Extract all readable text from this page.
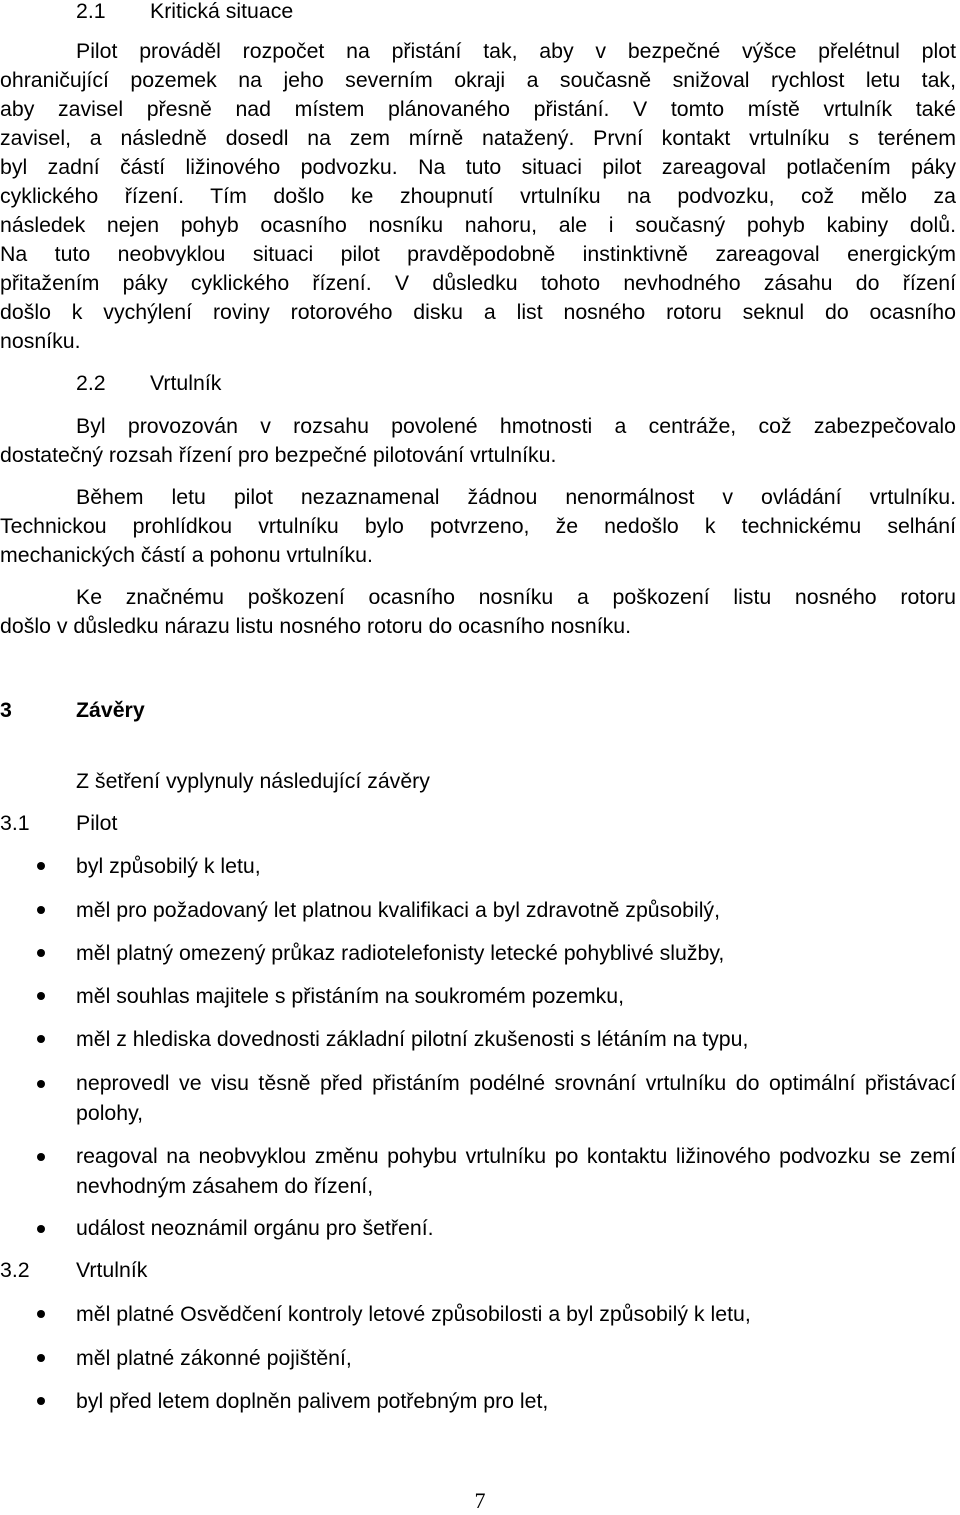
2.1 Kritická situace
Pilot prováděl rozpočet na přistání tak, aby v bezpečné výšce přelétnul plot
ohraničující pozemek na jeho severním okraji a současně snižoval rychlost letu tak,
aby zavisel přesně nad místem plánovaného přistání. V tomto místě vrtulník také
zavisel, a následně dosedl na zem mírně natažený. První kontakt vrtulníku s terénem
byl zadní částí ližinového podvozku. Na tuto situaci pilot zareagoval potlačením páky
cyklického řízení. Tím došlo ke zhoupnutí vrtulníku na podvozku, což mělo za
následek nejen pohyb ocasního nosníku nahoru, ale i současný pohyb kabiny dolů.
Na tuto neobvyklou situaci pilot pravděpodobně instinktivně zareagoval energickým
přitažením páky cyklického řízení. V důsledku tohoto nevhodného zásahu do řízení
došlo k vychýlení roviny rotorového disku a list nosného rotoru seknul do ocasního
nosníku.
2.2 Vrtulník
Byl provozován v rozsahu povolené hmotnosti a centráže, což zabezpečovalo
dostatečný rozsah řízení pro bezpečné pilotování vrtulníku.
Během letu pilot nezaznamenal žádnou nenormálnost v ovládání vrtulníku.
Technickou prohlídkou vrtulníku bylo potvrzeno, že nedošlo k technickému selhání
mechanických částí a pohonu vrtulníku.
Ke značnému poškození ocasního nosníku a poškození listu nosného rotoru
došlo v důsledku nárazu listu nosného rotoru do ocasního nosníku.
3	Závěry
Z šetření vyplynuly následující závěry
3.1 Pilot
byl způsobilý k letu,
měl pro požadovaný let platnou kvalifikaci a byl zdravotně způsobilý,
měl platný omezený průkaz radiotelefonisty letecké pohyblivé služby,
měl souhlas majitele s přistáním na soukromém pozemku,
měl z hlediska dovednosti základní pilotní zkušenosti s létáním na typu,
neprovedl ve visu těsně před přistáním podélné srovnání vrtulníku do optimální přistávací polohy,
reagoval na neobvyklou změnu pohybu vrtulníku po kontaktu ližinového podvozku se zemí nevhodným zásahem do řízení,
událost neoznámil orgánu pro šetření.
3.2 Vrtulník
měl platné Osvědčení kontroly letové způsobilosti a byl způsobilý k letu,
měl platné zákonné pojištění,
byl před letem doplněn palivem potřebným pro let,
7
